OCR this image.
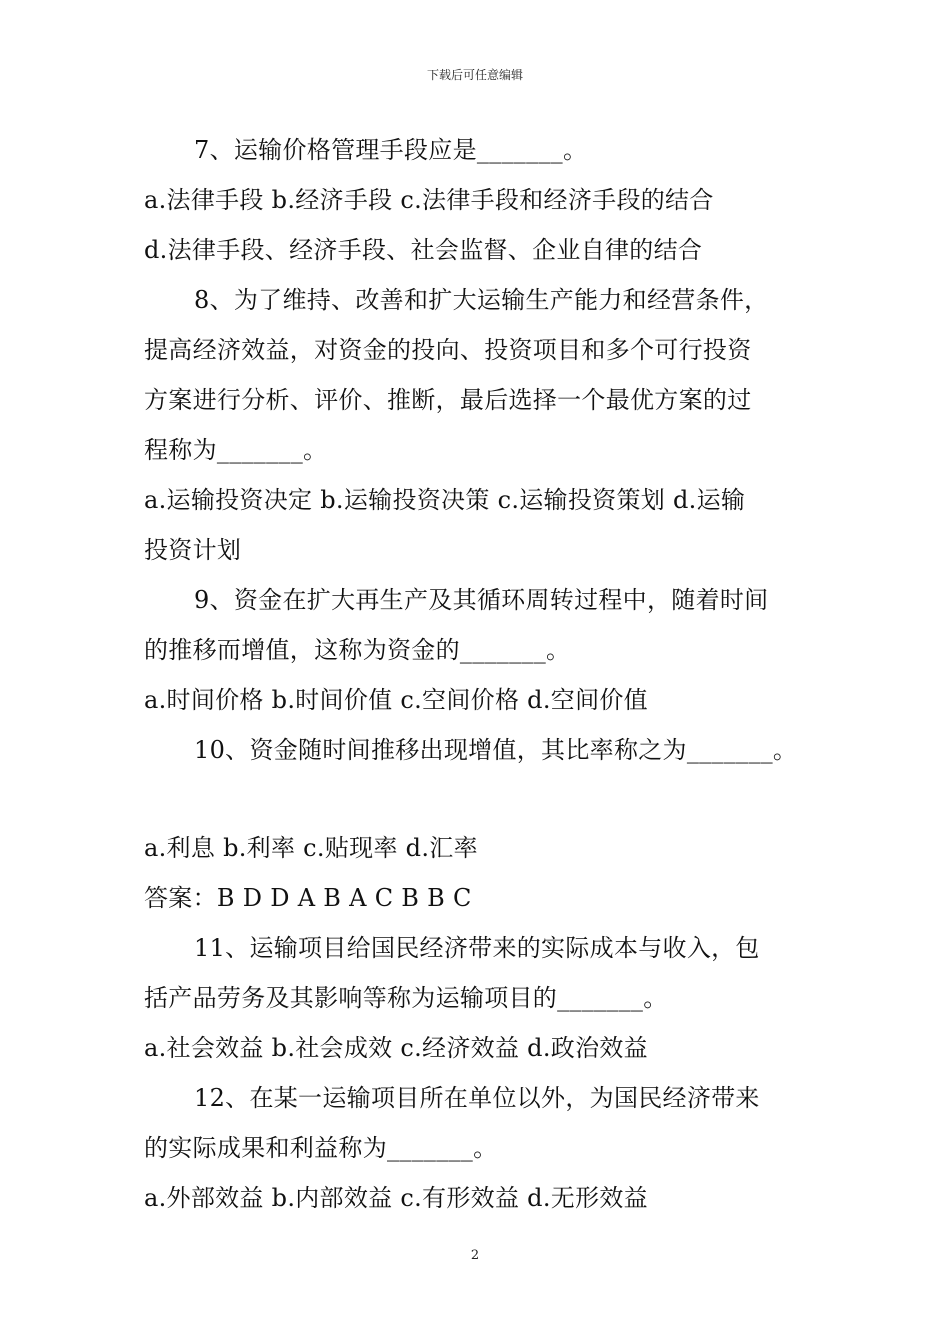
下载后可任意编辑
7、运输价格管理手段应是_______。
a.法律手段 b.经济手段 c.法律手段和经济手段的结合
d.法律手段、经济手段、社会监督、企业自律的结合
8、为了维持、改善和扩大运输生产能力和经营条件，
提高经济效益，对资金的投向、投资项目和多个可行投资
方案进行分析、评价、推断，最后选择一个最优方案的过
程称为_______。
a.运输投资决定 b.运输投资决策 c.运输投资策划 d.运输
投资计划
9、资金在扩大再生产及其循环周转过程中，随着时间
的推移而增值，这称为资金的_______。
a.时间价格 b.时间价值 c.空间价格 d.空间价值
10、资金随时间推移出现增值，其比率称之为_______。
a.利息 b.利率 c.贴现率 d.汇率
答案：B D D A B A C B B C
11、运输项目给国民经济带来的实际成本与收入，包
括产品劳务及其影响等称为运输项目的_______。
a.社会效益 b.社会成效 c.经济效益 d.政治效益
12、在某一运输项目所在单位以外，为国民经济带来
的实际成果和利益称为_______。
a.外部效益 b.内部效益 c.有形效益 d.无形效益
2
